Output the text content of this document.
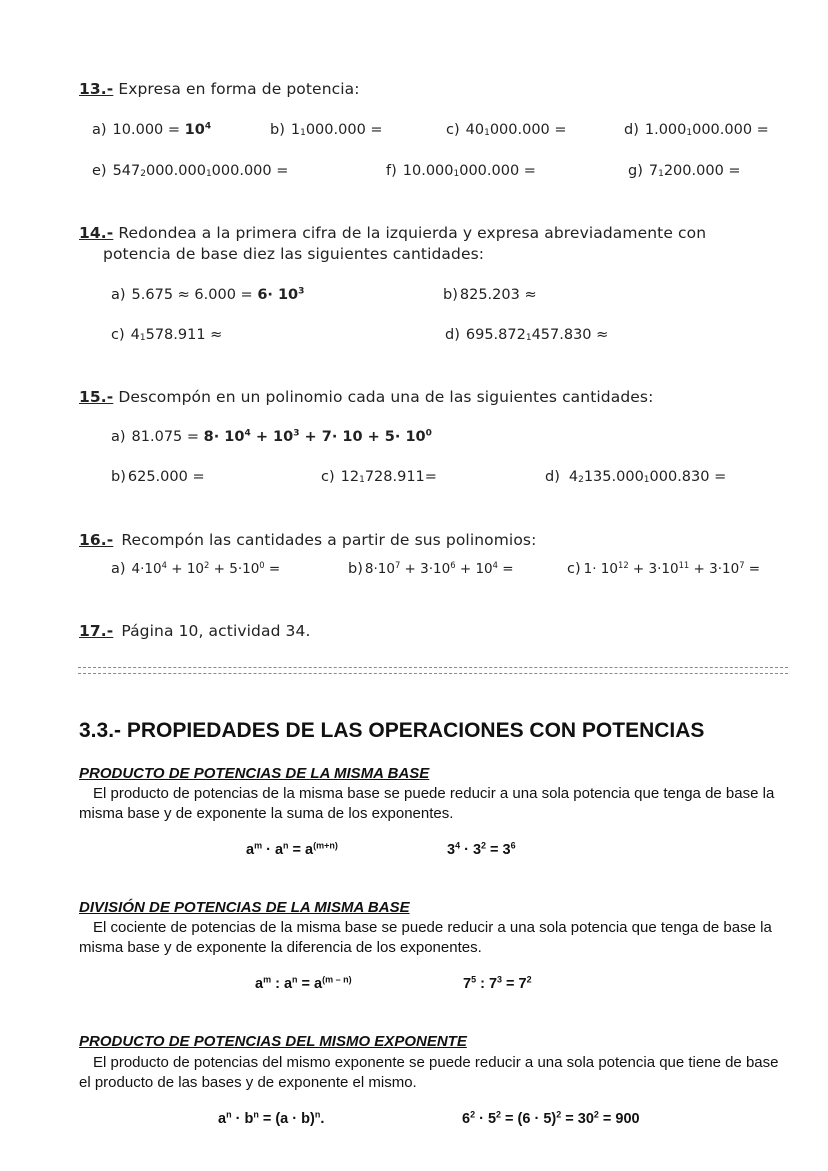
13.- Expresa en forma de potencia:
a) $10.000 = 10^4$	b) $1_1000.000$ =	c) $40_1000.000$ =	d) $1.000_1000.000$ =
e) $547_2000.000_1000.000$ =	f) $10.000_1000.000$ =	g) $7_1200.000$ =
14.- Redondea a la primera cifra de la izquierda y expresa abreviadamente con
potencia de base diez las siguientes cantidades:
a) $5.675 \approx 6.000 = 6\cdot 10^3$	b) 825.203 ≈
c) $4_1578.911$ ≈	d) $695.872_1457.830$ ≈
15.- Descompón en un polinomio cada una de las siguientes cantidades:
a) $81.075 = 8\cdot 10^4 + 10^3 + 7\cdot 10 + 5\cdot 10^0$
b) 625.000 =	c) $12_1728.911=$	d) $4_2135.000_1000.830$ =
16.- Recompón las cantidades a partir de sus polinomios:
a) $4\cdot 10^4 + 10^2 + 5\cdot 10^0$ =	b) $8\cdot 10^7 + 3\cdot 10^6 + 10^4$ =	c) $1\cdot 10^{12} + 3\cdot 10^{11} + 3\cdot 10^7$ =
17.- Página 10, actividad 34.
3.3.- PROPIEDADES DE LAS OPERACIONES CON POTENCIAS
PRODUCTO DE POTENCIAS DE LA MISMA BASE
El producto de potencias de la misma base se puede reducir a una sola potencia que tenga de base la misma base y de exponente la suma de los exponentes.
$a^m \cdot a^n = a^{(m+n)}$	$3^4 \cdot 3^2 = 3^6$
DIVISIÓN DE POTENCIAS DE LA MISMA BASE
El cociente de potencias de la misma base se puede reducir a una sola potencia que tenga de base la misma base y de exponente la diferencia de los exponentes.
$a^m$ : $a^n = a^{(m - n)}$	$7^5$ : $7^3 = 7^2$
PRODUCTO DE POTENCIAS DEL MISMO EXPONENTE
El producto de potencias del mismo exponente se puede reducir a una sola potencia que tiene de base el producto de las bases y de exponente el mismo.
$a^n \cdot b^n = (a \cdot b)^n$.	$6^2 \cdot 5^2 = (6 \cdot 5)^2 = 30^2 = 900$
